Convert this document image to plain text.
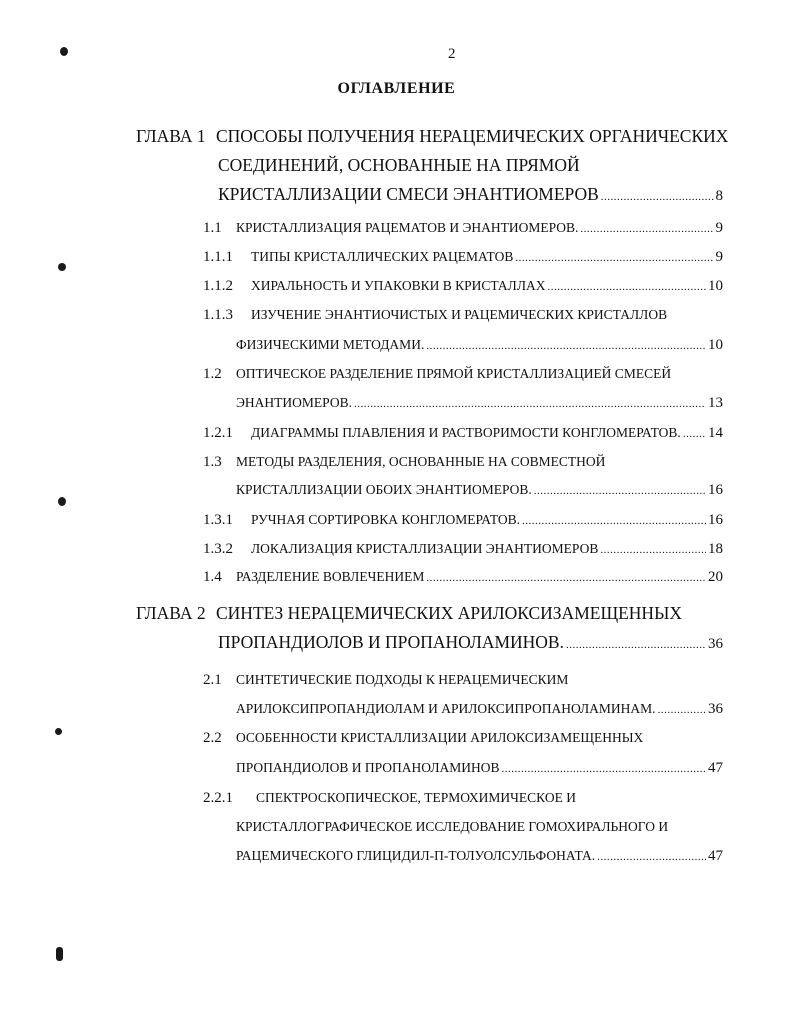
2
ОГЛАВЛЕНИЕ
ГЛАВА 1 СПОСОБЫ ПОЛУЧЕНИЯ НЕРАЦЕМИЧЕСКИХ ОРГАНИЧЕСКИХ
СОЕДИНЕНИЙ, ОСНОВАННЫЕ НА ПРЯМОЙ
КРИСТАЛЛИЗАЦИИ СМЕСИ ЭНАНТИОМЕРОВ .....	8
1.1	КРИСТАЛЛИЗАЦИЯ РАЦЕМАТОВ И ЭНАНТИОМЕРОВ. .....	9
1.1.1	ТИПЫ КРИСТАЛЛИЧЕСКИХ РАЦЕМАТОВ .....	9
1.1.2	ХИРАЛЬНОСТЬ И УПАКОВКИ В КРИСТАЛЛАХ .....	10
1.1.3	ИЗУЧЕНИЕ ЭНАНТИОЧИСТЫХ И РАЦЕМИЧЕСКИХ КРИСТАЛЛОВ
ФИЗИЧЕСКИМИ МЕТОДАМИ. .....	10
1.2	ОПТИЧЕСКОЕ РАЗДЕЛЕНИЕ ПРЯМОЙ КРИСТАЛЛИЗАЦИЕЙ СМЕСЕЙ
ЭНАНТИОМЕРОВ. .....	13
1.2.1	ДИАГРАММЫ ПЛАВЛЕНИЯ И РАСТВОРИМОСТИ КОНГЛОМЕРАТОВ. ..... 14
1.3	МЕТОДЫ РАЗДЕЛЕНИЯ, ОСНОВАННЫЕ НА СОВМЕСТНОЙ
КРИСТАЛЛИЗАЦИИ ОБОИХ ЭНАНТИОМЕРОВ. .....	16
1.3.1	РУЧНАЯ СОРТИРОВКА КОНГЛОМЕРАТОВ. .....	16
1.3.2	ЛОКАЛИЗАЦИЯ КРИСТАЛЛИЗАЦИИ ЭНАНТИОМЕРОВ .....	18
1.4	РАЗДЕЛЕНИЕ ВОВЛЕЧЕНИЕМ .....	20
ГЛАВА 2 СИНТЕЗ НЕРАЦЕМИЧЕСКИХ АРИЛОКСИЗАМЕЩЕННЫХ
ПРОПАНДИОЛОВ И ПРОПАНОЛАМИНОВ. .....	36
2.1	СИНТЕТИЧЕСКИЕ ПОДХОДЫ К НЕРАЦЕМИЧЕСКИМ
АРИЛОКСИПРОПАНДИОЛАМ И АРИЛОКСИПРОПАНОЛАМИНАМ. .....	36
2.2	ОСОБЕННОСТИ КРИСТАЛЛИЗАЦИИ АРИЛОКСИЗАМЕЩЕННЫХ
ПРОПАНДИОЛОВ И ПРОПАНОЛАМИНОВ .....	47
2.2.1	СПЕКТРОСКОПИЧЕСКОЕ, ТЕРМОХИМИЧЕСКОЕ И
КРИСТАЛЛОГРАФИЧЕСКОЕ ИССЛЕДОВАНИЕ ГОМОХИРАЛЬНОГО И
РАЦЕМИЧЕСКОГО ГЛИЦИДИЛ-П-ТОЛУОЛСУЛЬФОНАТА. .....	47
